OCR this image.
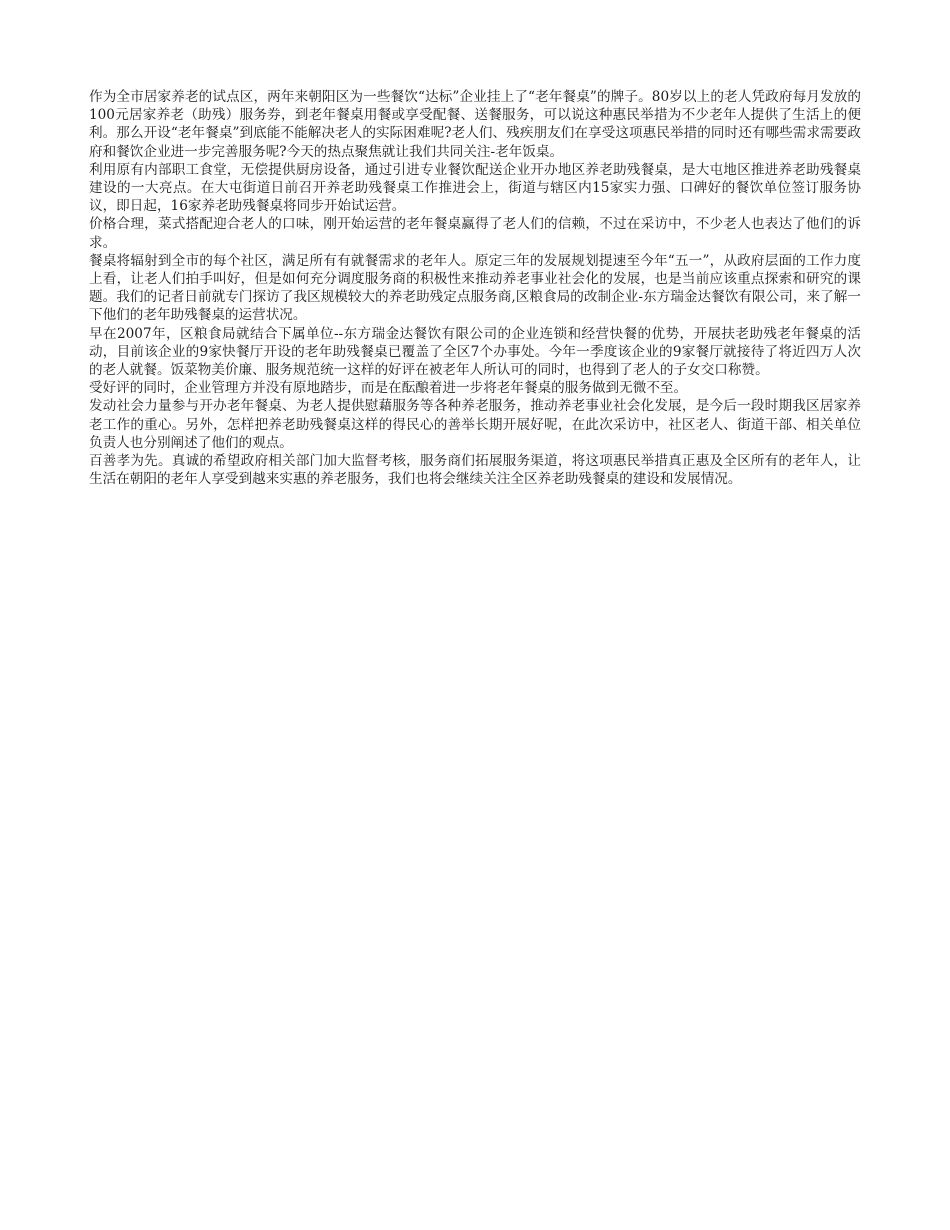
作为全市居家养老的试点区，两年来朝阳区为一些餐饮“达标”企业挂上了“老年餐桌”的牌子。80岁以上的老人凭政府每月发放的100元居家养老（助残）服务券，到老年餐桌用餐或享受配餐、送餐服务，可以说这种惠民举措为不少老年人提供了生活上的便利。那么开设“老年餐桌”到底能不能解决老人的实际困难呢?老人们、残疾朋友们在享受这项惠民举措的同时还有哪些需求需要政府和餐饮企业进一步完善服务呢?今天的热点聚焦就让我们共同关注-老年饭桌。

利用原有内部职工食堂，无偿提供厨房设备，通过引进专业餐饮配送企业开办地区养老助残餐桌，是大屯地区推进养老助残餐桌建设的一大亮点。在大屯街道日前召开养老助残餐桌工作推进会上，街道与辖区内15家实力强、口碑好的餐饮单位签订服务协议，即日起，16家养老助残餐桌将同步开始试运营。

价格合理，菜式搭配迎合老人的口味，刚开始运营的老年餐桌赢得了老人们的信赖，不过在采访中，不少老人也表达了他们的诉求。

餐桌将辐射到全市的每个社区，满足所有有就餐需求的老年人。原定三年的发展规划提速至今年“五一”，从政府层面的工作力度上看，让老人们拍手叫好，但是如何充分调度服务商的积极性来推动养老事业社会化的发展，也是当前应该重点探索和研究的课题。我们的记者日前就专门探访了我区规模较大的养老助残定点服务商,区粮食局的改制企业-东方瑞金达餐饮有限公司，来了解一下他们的老年助残餐桌的运营状况。

早在2007年，区粮食局就结合下属单位--东方瑞金达餐饮有限公司的企业连锁和经营快餐的优势，开展扶老助残老年餐桌的活动，目前该企业的9家快餐厅开设的老年助残餐桌已覆盖了全区7个办事处。今年一季度该企业的9家餐厅就接待了将近四万人次的老人就餐。饭菜物美价廉、服务规范统一这样的好评在被老年人所认可的同时，也得到了老人的子女交口称赞。

受好评的同时，企业管理方并没有原地踏步，而是在酝酿着进一步将老年餐桌的服务做到无微不至。

发动社会力量参与开办老年餐桌、为老人提供慰藉服务等各种养老服务，推动养老事业社会化发展，是今后一段时期我区居家养老工作的重心。另外，怎样把养老助残餐桌这样的得民心的善举长期开展好呢，在此次采访中，社区老人、街道干部、相关单位负责人也分别阐述了他们的观点。

百善孝为先。真诚的希望政府相关部门加大监督考核，服务商们拓展服务渠道，将这项惠民举措真正惠及全区所有的老年人，让生活在朝阳的老年人享受到越来实惠的养老服务，我们也将会继续关注全区养老助残餐桌的建设和发展情况。
